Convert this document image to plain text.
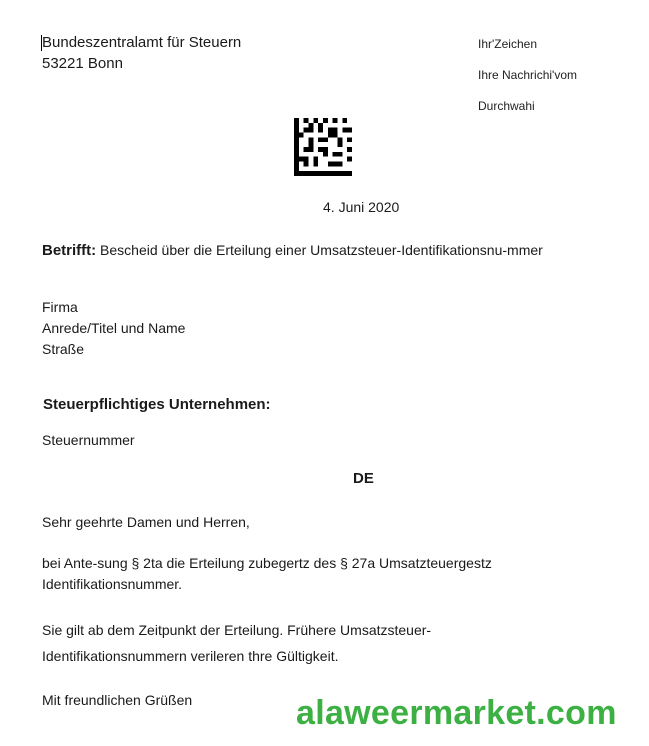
Bundeszentralamt für Steuern
53221 Bonn
Ihr'Zeichen
Ihre Nachrichi'vom
Durchwahi
4. Juni 2020
Betrifft: Bescheid über die Erteilung einer Umsatzsteuer-Identifikationsnu-mmer
Firma
Anrede/Titel und Name
Straße
Steuerpflichtiges Unternehmen:
Steuernummer
DE
Sehr geehrte Damen und Herren,
bei Ante-sung § 2ta die Erteilung zubegertz des § 27a Umsatzteuergestz
Identifikationsnummer.
Sie gilt ab dem Zeitpunkt der Erteilung. Frühere Umsatzsteuer-
Identifikationsnummern verileren thre Gültigkeit.
Mit freundlichen Grüßen	alaweermarket.com
